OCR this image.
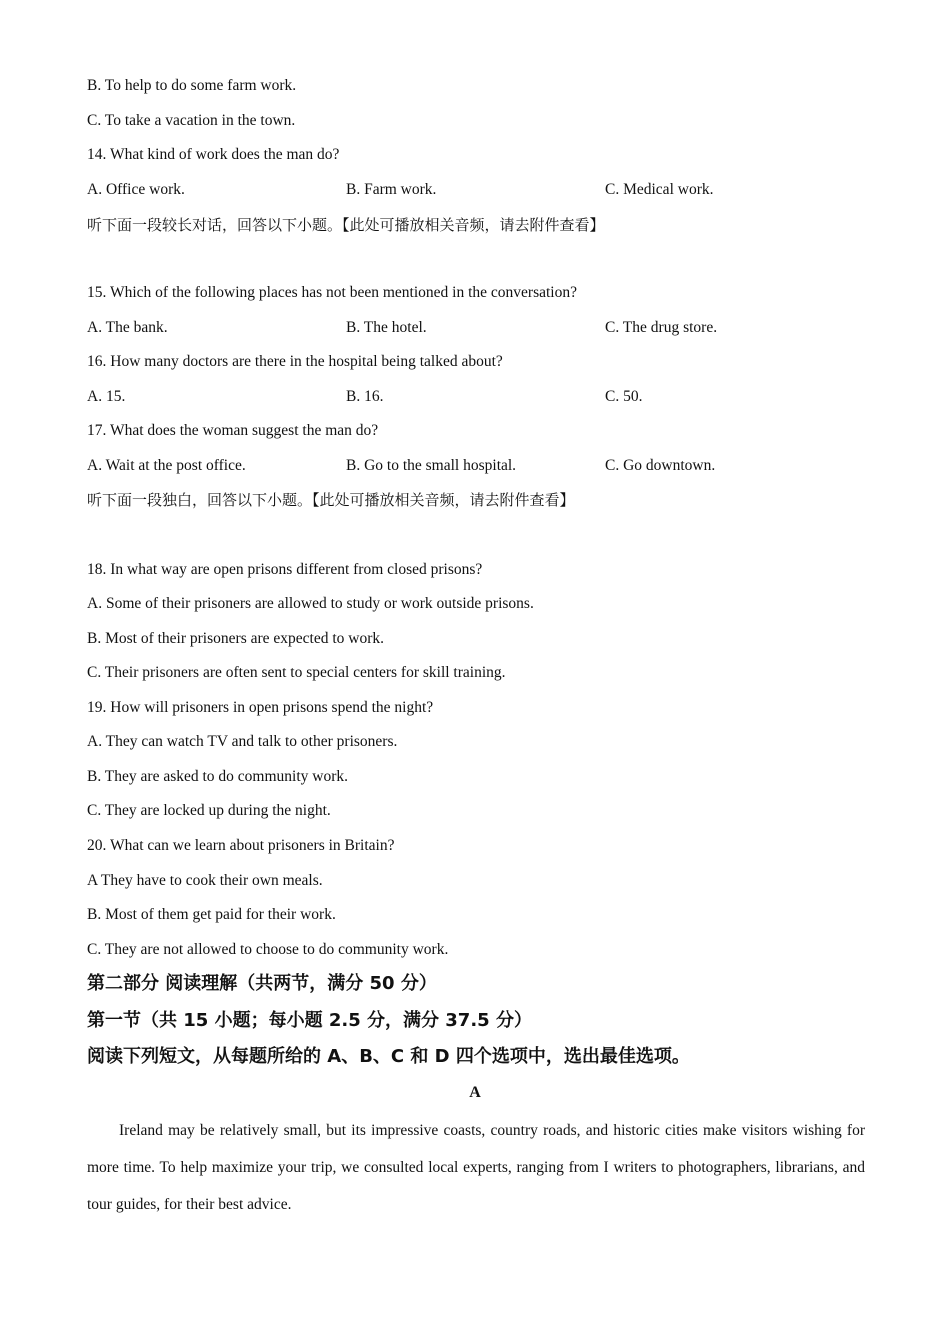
B. To help to do some farm work.
C. To take a vacation in the town.
14. What kind of work does the man do?
A. Office work.	B. Farm work.	C. Medical work.
听下面一段较长对话，回答以下小题。【此处可播放相关音频，请去附件查看】
15. Which of the following places has not been mentioned in the conversation?
A. The bank.	B. The hotel.	C. The drug store.
16. How many doctors are there in the hospital being talked about?
A. 15.	B. 16.	C. 50.
17. What does the woman suggest the man do?
A. Wait at the post office.	B. Go to the small hospital.	C. Go downtown.
听下面一段独白，回答以下小题。【此处可播放相关音频，请去附件查看】
18. In what way are open prisons different from closed prisons?
A. Some of their prisoners are allowed to study or work outside prisons.
B. Most of their prisoners are expected to work.
C. Their prisoners are often sent to special centers for skill training.
19. How will prisoners in open prisons spend the night?
A. They can watch TV and talk to other prisoners.
B. They are asked to do community work.
C. They are locked up during the night.
20. What can we learn about prisoners in Britain?
A They have to cook their own meals.
B. Most of them get paid for their work.
C. They are not allowed to choose to do community work.
第二部分 阅读理解（共两节，满分 50 分）
第一节（共 15 小题；每小题 2.5 分，满分 37.5 分）
阅读下列短文，从每题所给的 A、B、C 和 D 四个选项中，选出最佳选项。
A
Ireland may be relatively small, but its impressive coasts, country roads, and historic cities make visitors wishing for more time. To help maximize your trip, we consulted local experts, ranging from I writers to photographers, librarians, and tour guides, for their best advice.
